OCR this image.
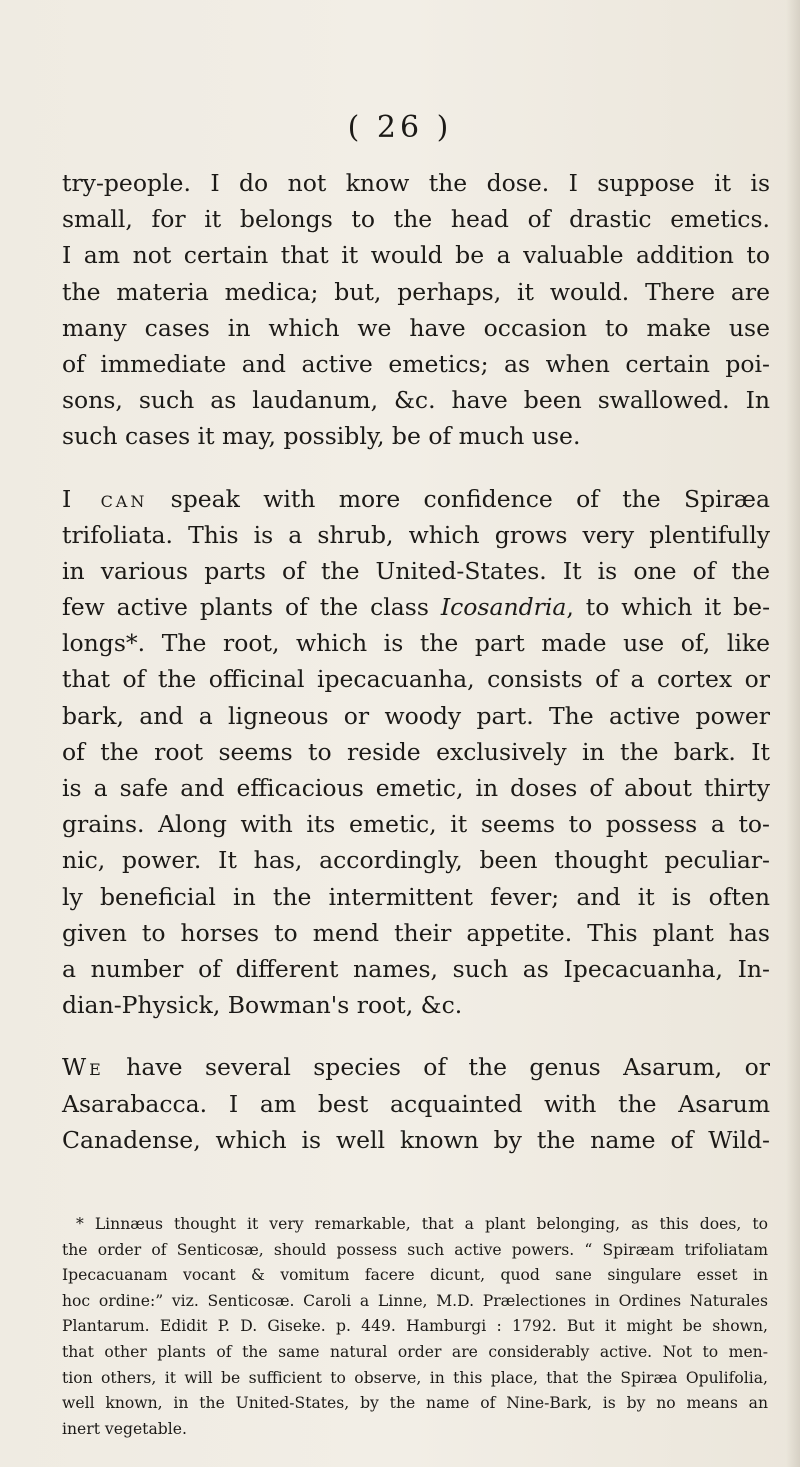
( 26 )
try-people. I do not know the dose. I suppose it is
small, for it belongs to the head of drastic emetics.
I am not certain that it would be a valuable addition to
the materia medica; but, perhaps, it would. There are
many cases in which we have occasion to make use
of immediate and active emetics; as when certain poi-
sons, such as laudanum, &c. have been swallowed. In
such cases it may, possibly, be of much use.
I can speak with more confidence of the Spiræa
trifoliata. This is a shrub, which grows very plentifully
in various parts of the United-States. It is one of the
few active plants of the class Icosandria, to which it be-
longs*. The root, which is the part made use of, like
that of the officinal ipecacuanha, consists of a cortex or
bark, and a ligneous or woody part. The active power
of the root seems to reside exclusively in the bark. It
is a safe and efficacious emetic, in doses of about thirty
grains. Along with its emetic, it seems to possess a to-
nic, power. It has, accordingly, been thought peculiar-
ly beneficial in the intermittent fever; and it is often
given to horses to mend their appetite. This plant has
a number of different names, such as Ipecacuanha, In-
dian-Physick, Bowman's root, &c.
We have several species of the genus Asarum, or
Asarabacca. I am best acquainted with the Asarum
Canadense, which is well known by the name of Wild-
* Linnæus thought it very remarkable, that a plant belonging, as this does, to
the order of Senticosæ, should possess such active powers. “ Spiræam trifoliatam
Ipecacuanam vocant & vomitum facere dicunt, quod sane singulare esset in
hoc ordine:” viz. Senticosæ. Caroli a Linne, M.D. Prælectiones in Ordines Naturales
Plantarum. Edidit P. D. Giseke. p. 449. Hamburgi : 1792. But it might be shown,
that other plants of the same natural order are considerably active. Not to men-
tion others, it will be sufficient to observe, in this place, that the Spiræa Opulifolia,
well known, in the United-States, by the name of Nine-Bark, is by no means an
inert vegetable.
